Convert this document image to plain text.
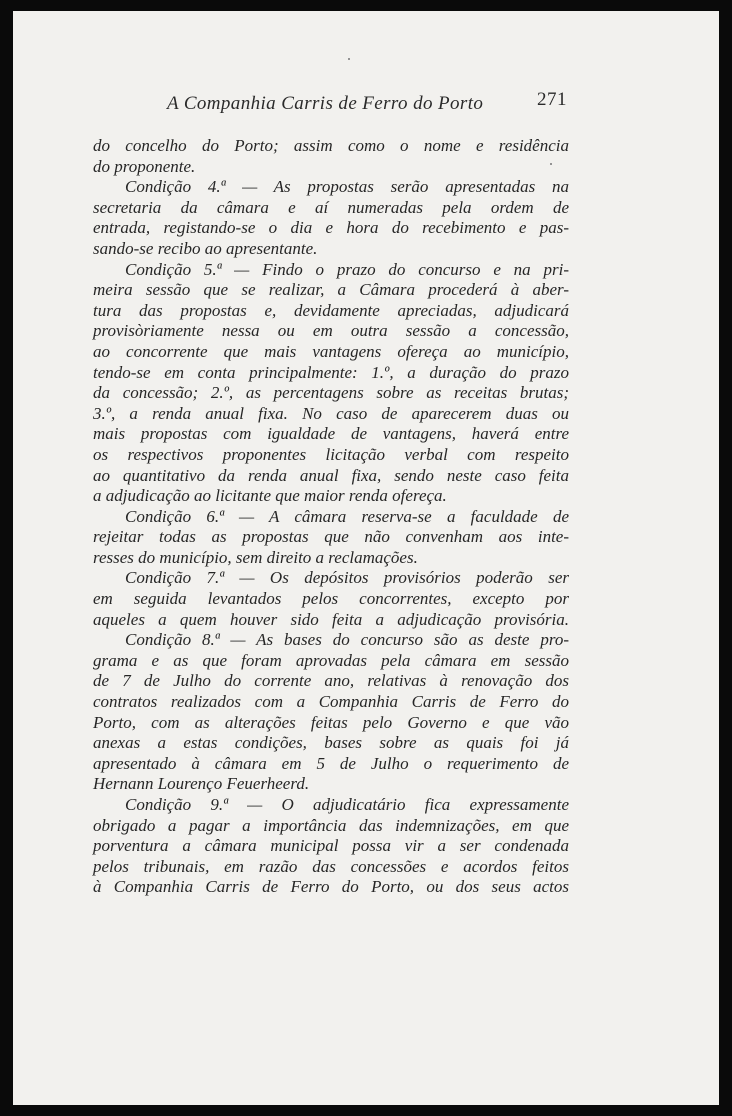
A Companhia Carris de Ferro do Porto	271
do concelho do Porto; assim como o nome e residência
do proponente.
Condição 4.ª — As propostas serão apresentadas na
secretaria da câmara e aí numeradas pela ordem de
entrada, registando-se o dia e hora do recebimento e pas-
sando-se recibo ao apresentante.
Condição 5.ª — Findo o prazo do concurso e na pri-
meira sessão que se realizar, a Câmara procederá à aber-
tura das propostas e, devidamente apreciadas, adjudicará
provisòriamente nessa ou em outra sessão a concessão,
ao concorrente que mais vantagens ofereça ao município,
tendo-se em conta principalmente: 1.º, a duração do prazo
da concessão; 2.º, as percentagens sobre as receitas brutas;
3.º, a renda anual fixa. No caso de aparecerem duas ou
mais propostas com igualdade de vantagens, haverá entre
os respectivos proponentes licitação verbal com respeito
ao quantitativo da renda anual fixa, sendo neste caso feita
a adjudicação ao licitante que maior renda ofereça.
Condição 6.ª — A câmara reserva-se a faculdade de
rejeitar todas as propostas que não convenham aos inte-
resses do município, sem direito a reclamações.
Condição 7.ª — Os depósitos provisórios poderão ser
em seguida levantados pelos concorrentes, excepto por
aqueles a quem houver sido feita a adjudicação provisória.
Condição 8.ª — As bases do concurso são as deste pro-
grama e as que foram aprovadas pela câmara em sessão
de 7 de Julho do corrente ano, relativas à renovação dos
contratos realizados com a Companhia Carris de Ferro do
Porto, com as alterações feitas pelo Governo e que vão
anexas a estas condições, bases sobre as quais foi já
apresentado à câmara em 5 de Julho o requerimento de
Hernann Lourenço Feuerheerd.
Condição 9.ª — O adjudicatário fica expressamente
obrigado a pagar a importância das indemnizações, em que
porventura a câmara municipal possa vir a ser condenada
pelos tribunais, em razão das concessões e acordos feitos
à Companhia Carris de Ferro do Porto, ou dos seus actos
